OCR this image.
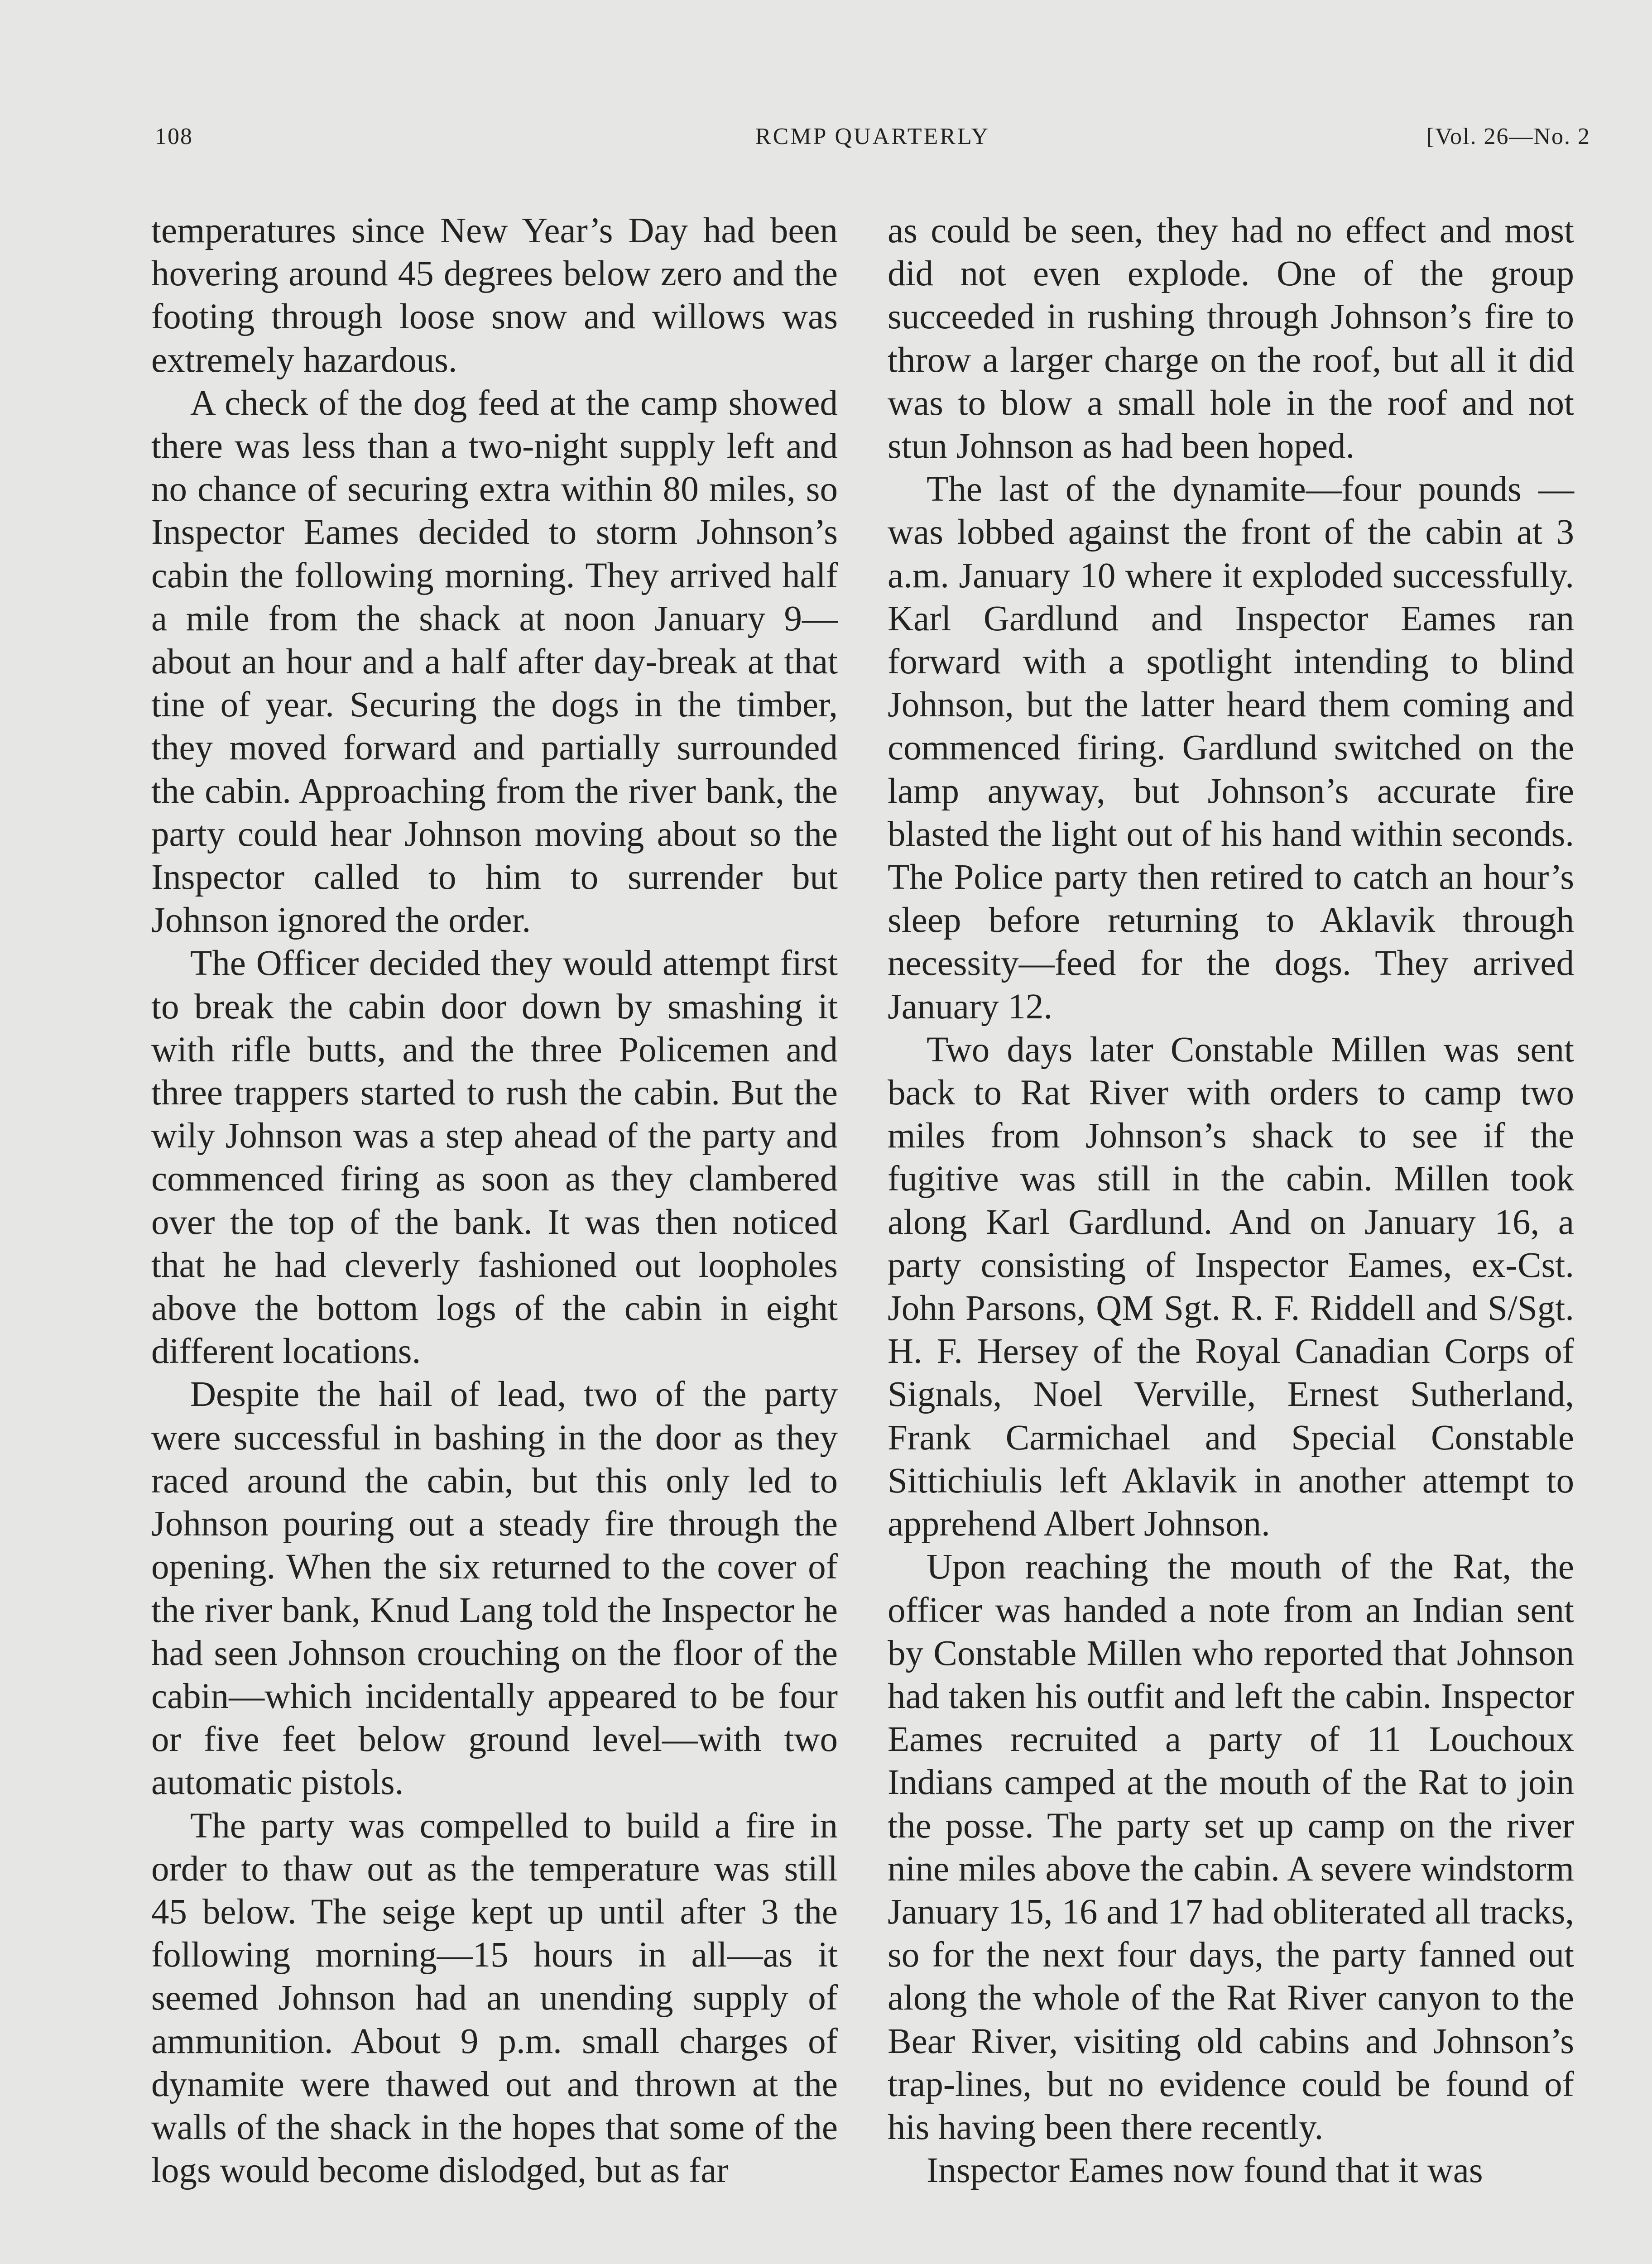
108	RCMP QUARTERLY	[Vol. 26—No. 2

temperatures since New Year’s Day had been hovering around 45 degrees below zero and the footing through loose snow and willows was extremely hazardous.

A check of the dog feed at the camp showed there was less than a two-night supply left and no chance of securing extra within 80 miles, so Inspector Eames decided to storm Johnson’s cabin the following morning. They arrived half a mile from the shack at noon January 9—about an hour and a half after day-break at that tine of year. Securing the dogs in the timber, they moved forward and partially surrounded the cabin. Approaching from the river bank, the party could hear Johnson moving about so the Inspector called to him to surrender but Johnson ignored the order.

The Officer decided they would attempt first to break the cabin door down by smashing it with rifle butts, and the three Policemen and three trappers started to rush the cabin. But the wily Johnson was a step ahead of the party and commenced firing as soon as they clambered over the top of the bank. It was then noticed that he had cleverly fashioned out loopholes above the bottom logs of the cabin in eight different locations.

Despite the hail of lead, two of the party were successful in bashing in the door as they raced around the cabin, but this only led to Johnson pouring out a steady fire through the opening. When the six returned to the cover of the river bank, Knud Lang told the Inspector he had seen Johnson crouching on the floor of the cabin—which incidentally appeared to be four or five feet below ground level—with two automatic pistols.

The party was compelled to build a fire in order to thaw out as the temperature was still 45 below. The seige kept up until after 3 the following morning—15 hours in all—as it seemed Johnson had an unending supply of ammunition. About 9 p.m. small charges of dynamite were thawed out and thrown at the walls of the shack in the hopes that some of the logs would become dislodged, but as far

as could be seen, they had no effect and most did not even explode. One of the group succeeded in rushing through Johnson’s fire to throw a larger charge on the roof, but all it did was to blow a small hole in the roof and not stun Johnson as had been hoped.

The last of the dynamite—four pounds —was lobbed against the front of the cabin at 3 a.m. January 10 where it exploded successfully. Karl Gardlund and Inspector Eames ran forward with a spotlight intending to blind Johnson, but the latter heard them coming and commenced firing. Gardlund switched on the lamp anyway, but Johnson’s accurate fire blasted the light out of his hand within seconds. The Police party then retired to catch an hour’s sleep before returning to Aklavik through necessity—feed for the dogs. They arrived January 12.

Two days later Constable Millen was sent back to Rat River with orders to camp two miles from Johnson’s shack to see if the fugitive was still in the cabin. Millen took along Karl Gardlund. And on January 16, a party consisting of Inspector Eames, ex-Cst. John Parsons, QM Sgt. R. F. Riddell and S/Sgt. H. F. Hersey of the Royal Canadian Corps of Signals, Noel Verville, Ernest Sutherland, Frank Carmichael and Special Constable Sittichiulis left Aklavik in another attempt to apprehend Albert Johnson.

Upon reaching the mouth of the Rat, the officer was handed a note from an Indian sent by Constable Millen who reported that Johnson had taken his outfit and left the cabin. Inspector Eames recruited a party of 11 Louchoux Indians camped at the mouth of the Rat to join the posse. The party set up camp on the river nine miles above the cabin. A severe windstorm January 15, 16 and 17 had obliterated all tracks, so for the next four days, the party fanned out along the whole of the Rat River canyon to the Bear River, visiting old cabins and Johnson’s trap-lines, but no evidence could be found of his having been there recently.

Inspector Eames now found that it was
